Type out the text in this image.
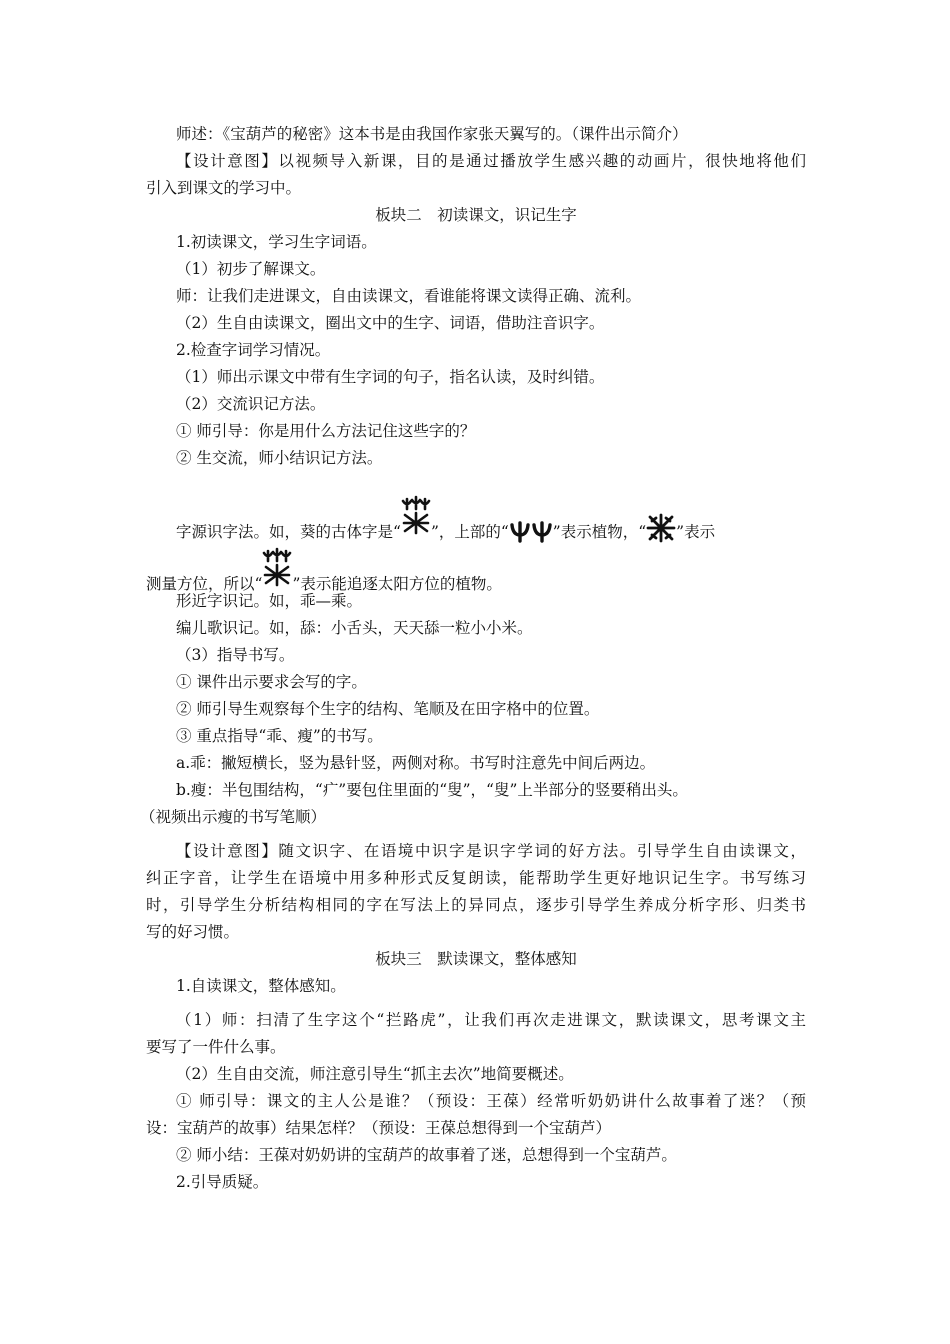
师述：《宝葫芦的秘密》这本书是由我国作家张天翼写的。（课件出示简介）
【设计意图】以视频导入新课，目的是通过播放学生感兴趣的动画片，很快地将他们
引入到课文的学习中。
板块二　初读课文，识记生字
1.初读课文，学习生字词语。
（1）初步了解课文。
师：让我们走进课文，自由读课文，看谁能将课文读得正确、流利。
（2）生自由读课文，圈出文中的生字、词语，借助注音识字。
2.检查字词学习情况。
（1）师出示课文中带有生字词的句子，指名认读，及时纠错。
（2）交流识记方法。
① 师引导：你是用什么方法记住这些字的？
② 生交流，师小结识记方法。
字源识字法。如，葵的古体字是“ ”，上部的“	”表示植物，“ ”表示
测量方位，所以“ ”表示能追逐太阳方位的植物。
形近字识记。如，乖—乘。
编儿歌识记。如，舔：小舌头，天天舔一粒小小米。
（3）指导书写。
① 课件出示要求会写的字。
② 师引导生观察每个生字的结构、笔顺及在田字格中的位置。
③ 重点指导“乖、瘦”的书写。
a.乖：撇短横长，竖为悬针竖，两侧对称。书写时注意先中间后两边。
b.瘦：半包围结构，“疒”要包住里面的“叟”，“叟”上半部分的竖要稍出头。
（视频出示瘦的书写笔顺）
【设计意图】随文识字、在语境中识字是识字学词的好方法。引导学生自由读课文，
纠正字音，让学生在语境中用多种形式反复朗读，能帮助学生更好地识记生字。书写练习
时，引导学生分析结构相同的字在写法上的异同点，逐步引导学生养成分析字形、归类书
写的好习惯。
板块三　默读课文，整体感知
1.自读课文，整体感知。
（1）师：扫清了生字这个“拦路虎”，让我们再次走进课文，默读课文，思考课文主
要写了一件什么事。
（2）生自由交流，师注意引导生“抓主去次”地简要概述。
① 师引导：课文的主人公是谁？（预设：王葆）经常听奶奶讲什么故事着了迷？（预
设：宝葫芦的故事）结果怎样？（预设：王葆总想得到一个宝葫芦）
② 师小结：王葆对奶奶讲的宝葫芦的故事着了迷，总想得到一个宝葫芦。
2.引导质疑。
